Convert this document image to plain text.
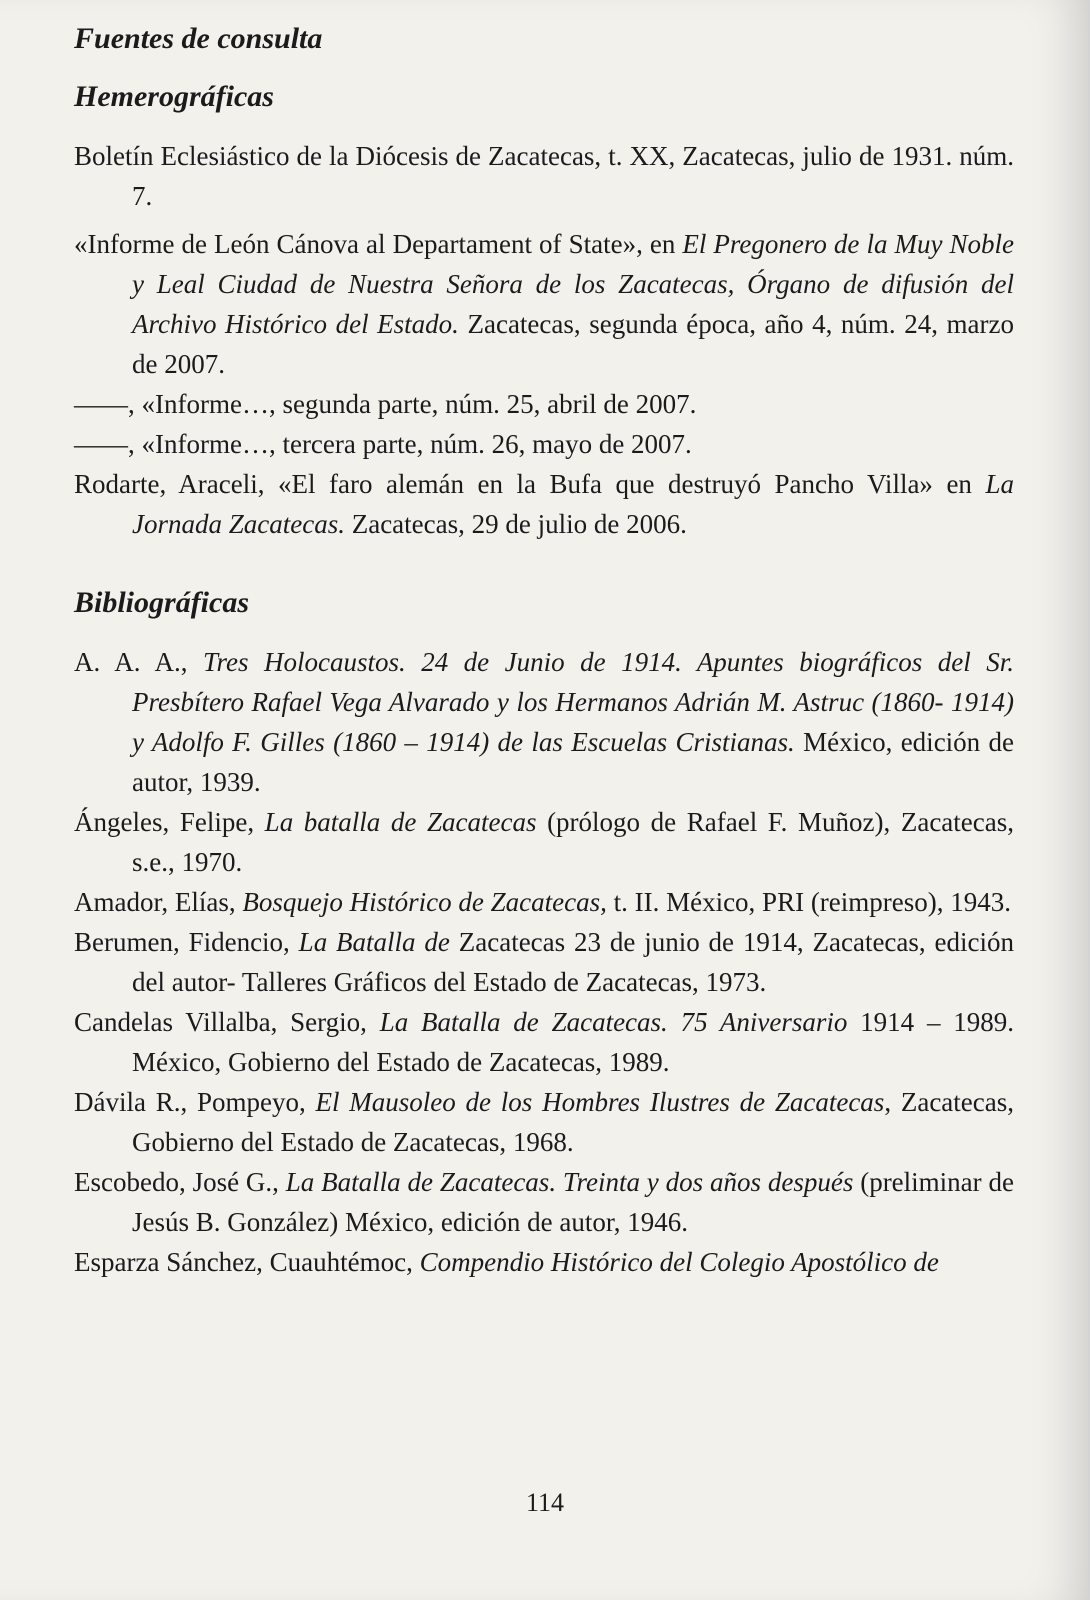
Fuentes de consulta
Hemerográficas

Boletín Eclesiástico de la Diócesis de Zacatecas, t. XX, Zacatecas, julio de 1931. núm. 7.

«Informe de León Cánova al Departament of State», en El Pregonero de la Muy Noble y Leal Ciudad de Nuestra Señora de los Zacatecas, Órgano de difusión del Archivo Histórico del Estado. Zacatecas, segunda época, año 4, núm. 24, marzo de 2007.

——, «Informe…, segunda parte, núm. 25, abril de 2007.

——, «Informe…, tercera parte, núm. 26, mayo de 2007.

Rodarte, Araceli, «El faro alemán en la Bufa que destruyó Pancho Villa» en La Jornada Zacatecas. Zacatecas, 29 de julio de 2006.

Bibliográficas

A. A. A., Tres Holocaustos. 24 de Junio de 1914. Apuntes biográficos del Sr. Presbítero Rafael Vega Alvarado y los Hermanos Adrián M. Astruc (1860- 1914) y Adolfo F. Gilles (1860 – 1914) de las Escuelas Cristianas. México, edición de autor, 1939.

Ángeles, Felipe, La batalla de Zacatecas (prólogo de Rafael F. Muñoz), Zacatecas, s.e., 1970.

Amador, Elías, Bosquejo Histórico de Zacatecas, t. II. México, PRI (reimpreso), 1943.

Berumen, Fidencio, La Batalla de Zacatecas 23 de junio de 1914, Zacatecas, edición del autor- Talleres Gráficos del Estado de Zacatecas, 1973.

Candelas Villalba, Sergio, La Batalla de Zacatecas. 75 Aniversario 1914 – 1989. México, Gobierno del Estado de Zacatecas, 1989.

Dávila R., Pompeyo, El Mausoleo de los Hombres Ilustres de Zacatecas, Zacatecas, Gobierno del Estado de Zacatecas, 1968.

Escobedo, José G., La Batalla de Zacatecas. Treinta y dos años después (preliminar de Jesús B. González) México, edición de autor, 1946.

Esparza Sánchez, Cuauhtémoc, Compendio Histórico del Colegio Apostólico de

114
